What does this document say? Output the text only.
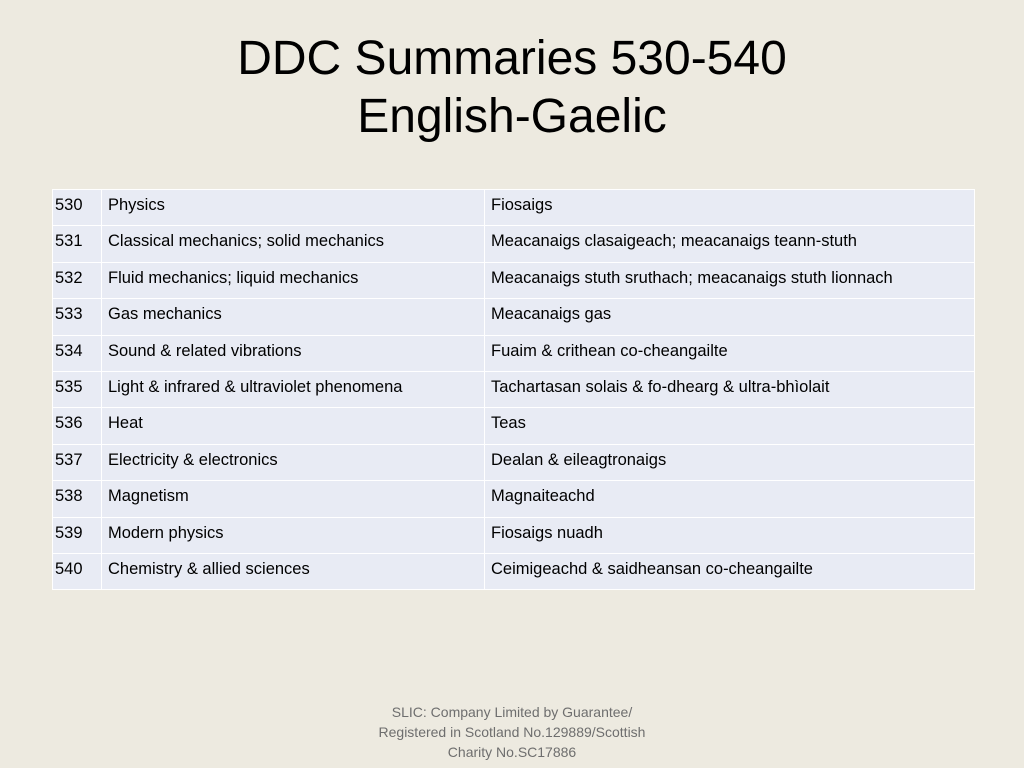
DDC Summaries 530-540
English-Gaelic
530	Physics	Fiosaigs
531	Classical mechanics; solid mechanics	Meacanaigs clasaigeach; meacanaigs teann-stuth
532	Fluid mechanics; liquid mechanics	Meacanaigs stuth sruthach; meacanaigs stuth lionnach
533	Gas mechanics	Meacanaigs gas
534	Sound & related vibrations	Fuaim & crithean co-cheangailte
535	Light & infrared & ultraviolet phenomena	Tachartasan solais & fo-dhearg & ultra-bhìolait
536	Heat	Teas
537	Electricity & electronics	Dealan & eileagtronaigs
538	Magnetism	Magnaiteachd
539	Modern physics	Fiosaigs nuadh
540	Chemistry & allied sciences	Ceimigeachd & saidheansan co-cheangailte
SLIC: Company Limited by Guarantee/
Registered in Scotland No.129889/Scottish
Charity No.SC17886
